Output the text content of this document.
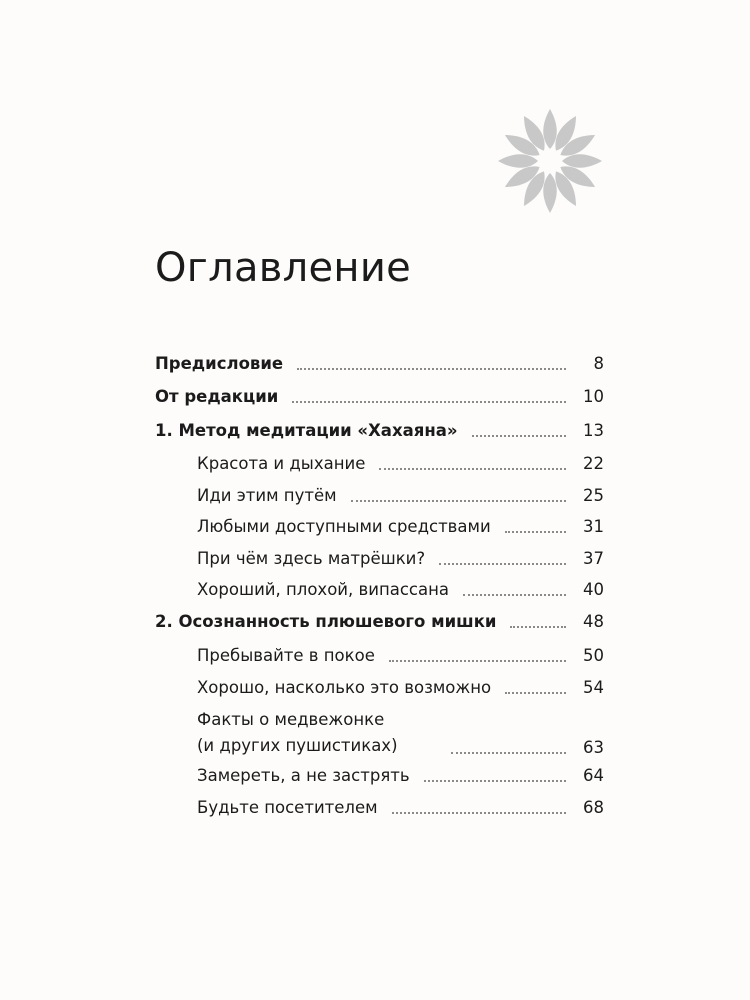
Оглавление
Предисловие	8
От редакции	10
1. Метод медитации «Хахаяна»	13
Красота и дыхание	22
Иди этим путём	25
Любыми доступными средствами	31
При чём здесь матрёшки?	37
Хороший, плохой, випассана	40
2. Осознанность плюшевого мишки	48
Пребывайте в покое	50
Хорошо, насколько это возможно	54
Факты о медвежонке
(и других пушистиках)	63
Замереть, а не застрять	64
Будьте посетителем	68
